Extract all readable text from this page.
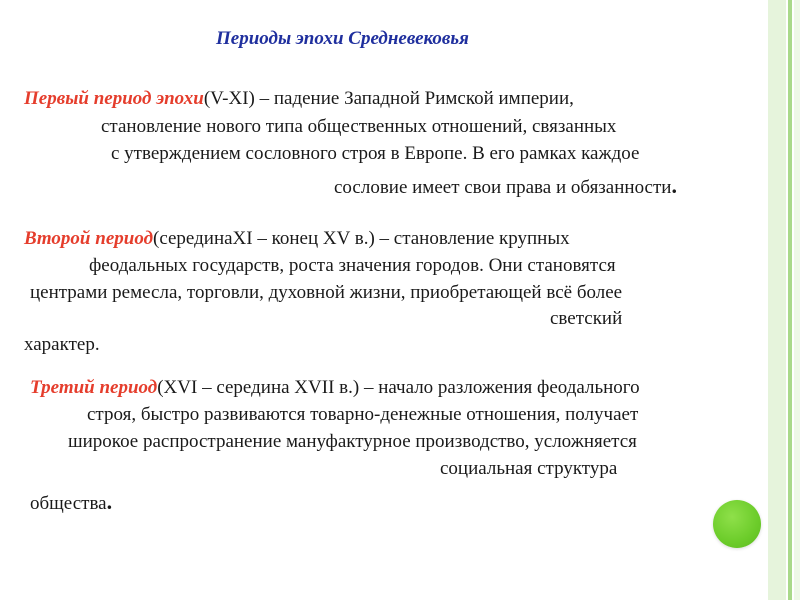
Периоды эпохи Средневековья
Первый период эпохи(V-XI) – падение Западной Римской империи,
становление нового типа общественных отношений, связанных
с утверждением сословного строя в Европе. В его рамках каждое
сословие имеет свои права и обязанности.
Второй период(серединаXI – конец XV в.) – становление крупных
феодальных государств, роста значения городов. Они становятся
центрами ремесла, торговли, духовной жизни, приобретающей всё более
светский
характер.
Третий период(XVI – середина XVII в.) – начало разложения феодального
строя, быстро развиваются товарно-денежные отношения, получает
широкое распространение мануфактурное производство, усложняется
социальная структура
общества.
